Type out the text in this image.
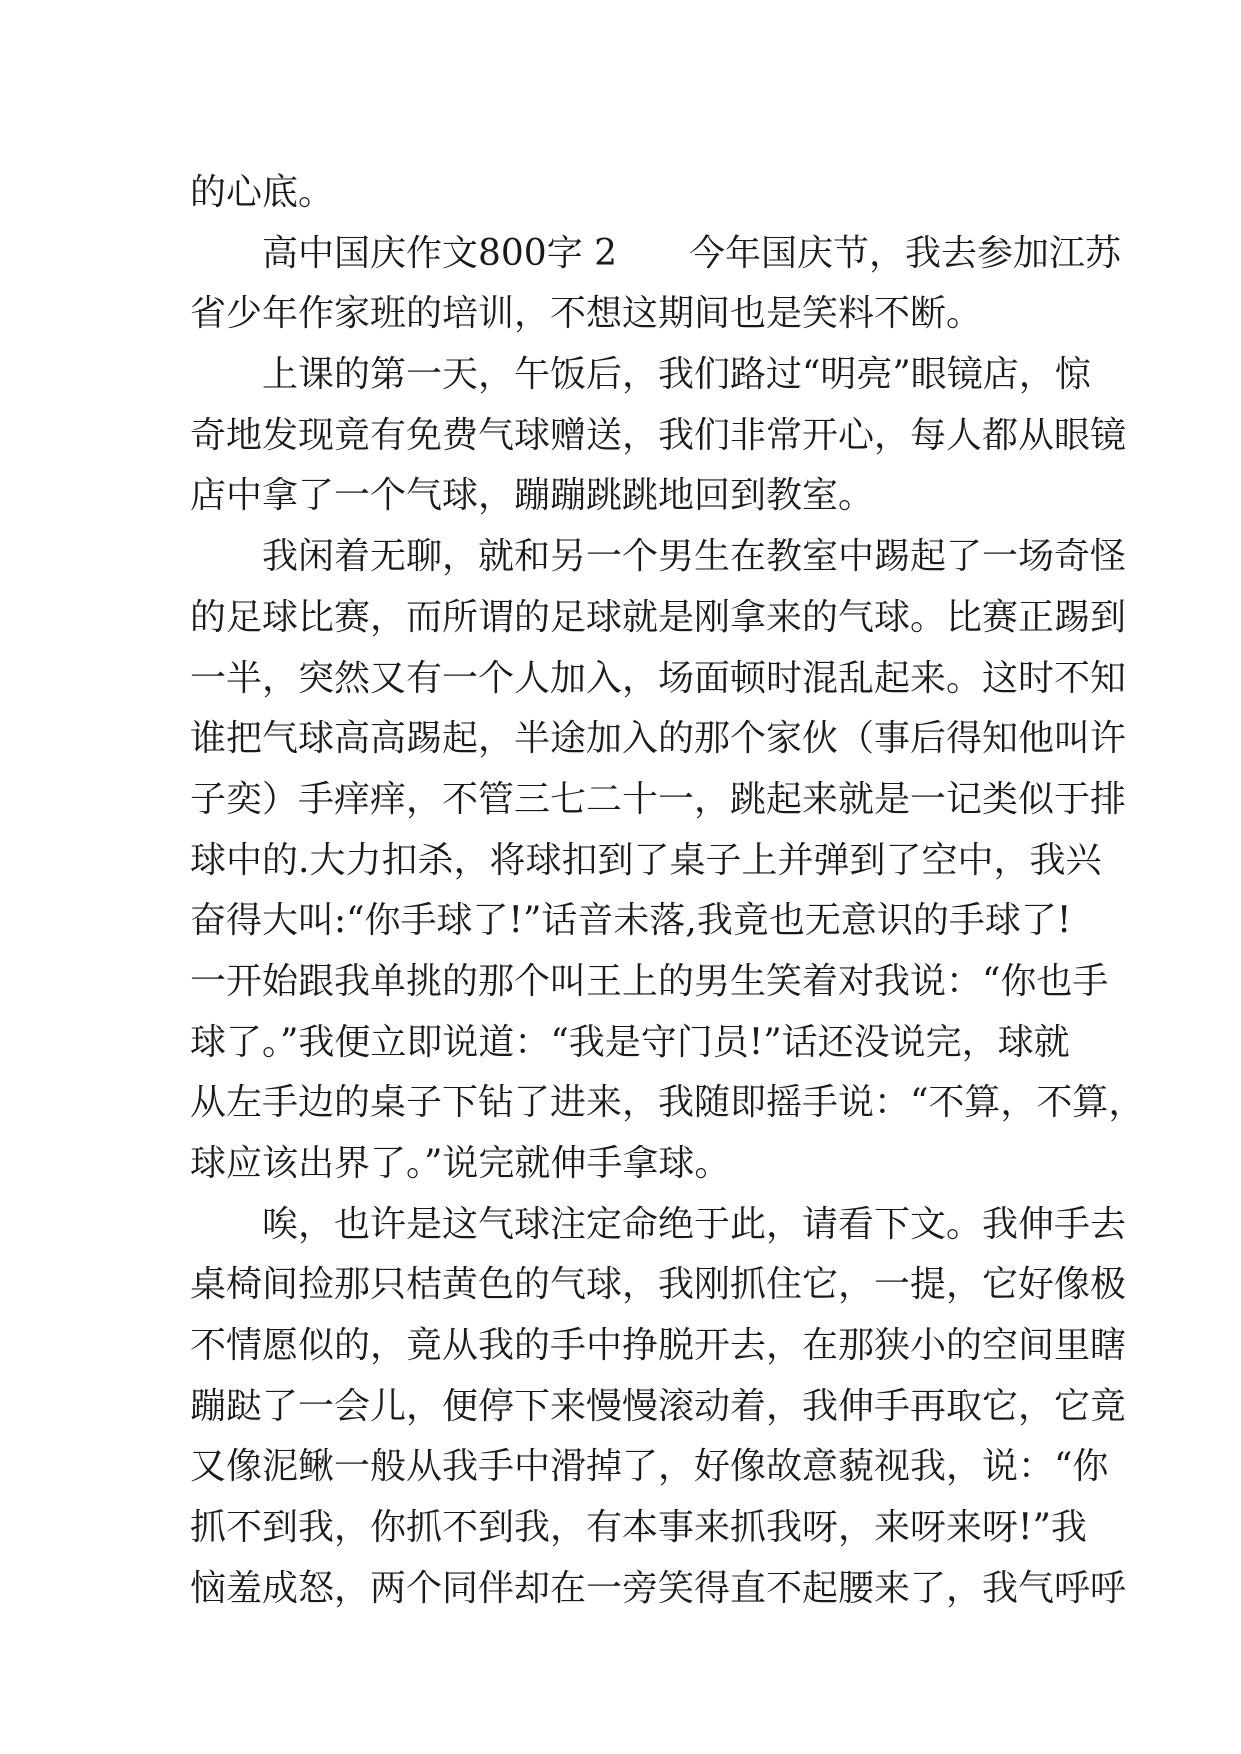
的心底。
高中国庆作文800字 2　　今年国庆节，我去参加江苏
省少年作家班的培训，不想这期间也是笑料不断。
上课的第一天，午饭后，我们路过“明亮”眼镜店，惊
奇地发现竟有免费气球赠送，我们非常开心，每人都从眼镜
店中拿了一个气球，蹦蹦跳跳地回到教室。
我闲着无聊，就和另一个男生在教室中踢起了一场奇怪
的足球比赛，而所谓的足球就是刚拿来的气球。比赛正踢到
一半，突然又有一个人加入，场面顿时混乱起来。这时不知
谁把气球高高踢起，半途加入的那个家伙（事后得知他叫许
子奕）手痒痒，不管三七二十一，跳起来就是一记类似于排
球中的.大力扣杀，将球扣到了桌子上并弹到了空中，我兴
奋得大叫:“你手球了!”话音未落,我竟也无意识的手球了!
一开始跟我单挑的那个叫王上的男生笑着对我说：“你也手
球了。”我便立即说道：“我是守门员!”话还没说完，球就
从左手边的桌子下钻了进来，我随即摇手说：“不算，不算，
球应该出界了。”说完就伸手拿球。
唉，也许是这气球注定命绝于此，请看下文。我伸手去
桌椅间捡那只桔黄色的气球，我刚抓住它，一提，它好像极
不情愿似的，竟从我的手中挣脱开去，在那狭小的空间里瞎
蹦跶了一会儿，便停下来慢慢滚动着，我伸手再取它，它竟
又像泥鳅一般从我手中滑掉了，好像故意藐视我，说：“你
抓不到我，你抓不到我，有本事来抓我呀，来呀来呀!”我
恼羞成怒，两个同伴却在一旁笑得直不起腰来了，我气呼呼
